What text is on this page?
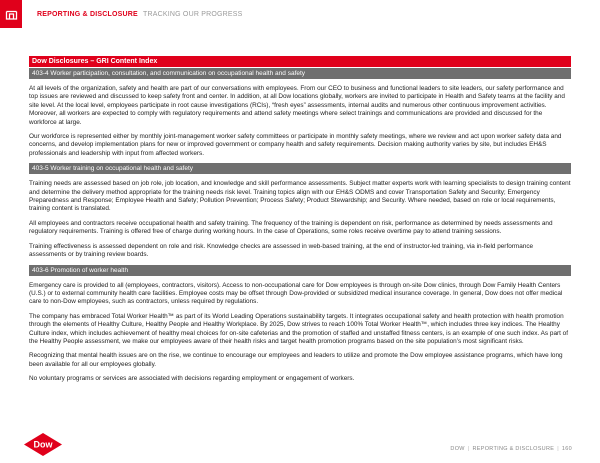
REPORTING & DISCLOSURE TRACKING OUR PROGRESS
Dow Disclosures – GRI Content Index
403-4 Worker participation, consultation, and communication on occupational health and safety

At all levels of the organization, safety and health are part of our conversations with employees. From our CEO to business and functional leaders to site leaders, our safety performance and top issues are reviewed and discussed to keep safety front and center. In addition, at all Dow locations globally, workers are invited to participate in Health and Safety teams at the facility and site level. At the local level, employees participate in root cause investigations (RCIs), “fresh eyes” assessments, internal audits and numerous other continuous improvement activities. Moreover, all workers are expected to comply with regulatory requirements and attend safety meetings where select trainings and communications are provided and discussed for the workforce at large.

Our workforce is represented either by monthly joint-management worker safety committees or participate in monthly safety meetings, where we review and act upon worker safety data and concerns, and develop implementation plans for new or improved government or company health and safety requirements. Decision making authority varies by site, but includes EH&S professionals and leadership with input from affected workers.

403-5 Worker training on occupational health and safety

Training needs are assessed based on job role, job location, and knowledge and skill performance assessments. Subject matter experts work with learning specialists to design training content and determine the delivery method appropriate for the training needs risk level. Training topics align with our EH&S ODMS and cover Transportation Safety and Security; Emergency Preparedness and Response; Employee Health and Safety; Pollution Prevention; Process Safety; Product Stewardship; and Security. Where needed, based on role or local requirements, training content is translated.

All employees and contractors receive occupational health and safety training. The frequency of the training is dependent on risk, performance as determined by needs assessments and regulatory requirements. Training is offered free of charge during working hours. In the case of Operations, some roles receive overtime pay to attend training sessions.

Training effectiveness is assessed dependent on role and risk. Knowledge checks are assessed in web-based training, at the end of instructor-led training, via in-field performance assessments or by training review boards.

403-6 Promotion of worker health

Emergency care is provided to all (employees, contractors, visitors). Access to non-occupational care for Dow employees is through on-site Dow clinics, through Dow Family Health Centers (U.S.) or to external community health care facilities. Employee costs may be offset through Dow-provided or subsidized medical insurance coverage. In general, Dow does not offer medical care to non-Dow employees, such as contractors, unless required by regulations.

The company has embraced Total Worker Health™ as part of its World Leading Operations sustainability targets. It integrates occupational safety and health protection with health promotion through the elements of Healthy Culture, Healthy People and Healthy Workplace. By 2025, Dow strives to reach 100% Total Worker Health™, which includes three key indices. The Healthy Culture index, which includes achievement of healthy meal choices for on-site cafeterias and the promotion of staffed and unstaffed fitness centers, is an example of one such index. As part of the Healthy People assessment, we make our employees aware of their health risks and target health promotion programs based on the site population’s most significant risks.

Recognizing that mental health issues are on the rise, we continue to encourage our employees and leaders to utilize and promote the Dow employee assistance programs, which have long been available for all our employees globally.

No voluntary programs or services are associated with decisions regarding employment or engagement of workers.

Dow	DOW | REPORTING & DISCLOSURE | 160
